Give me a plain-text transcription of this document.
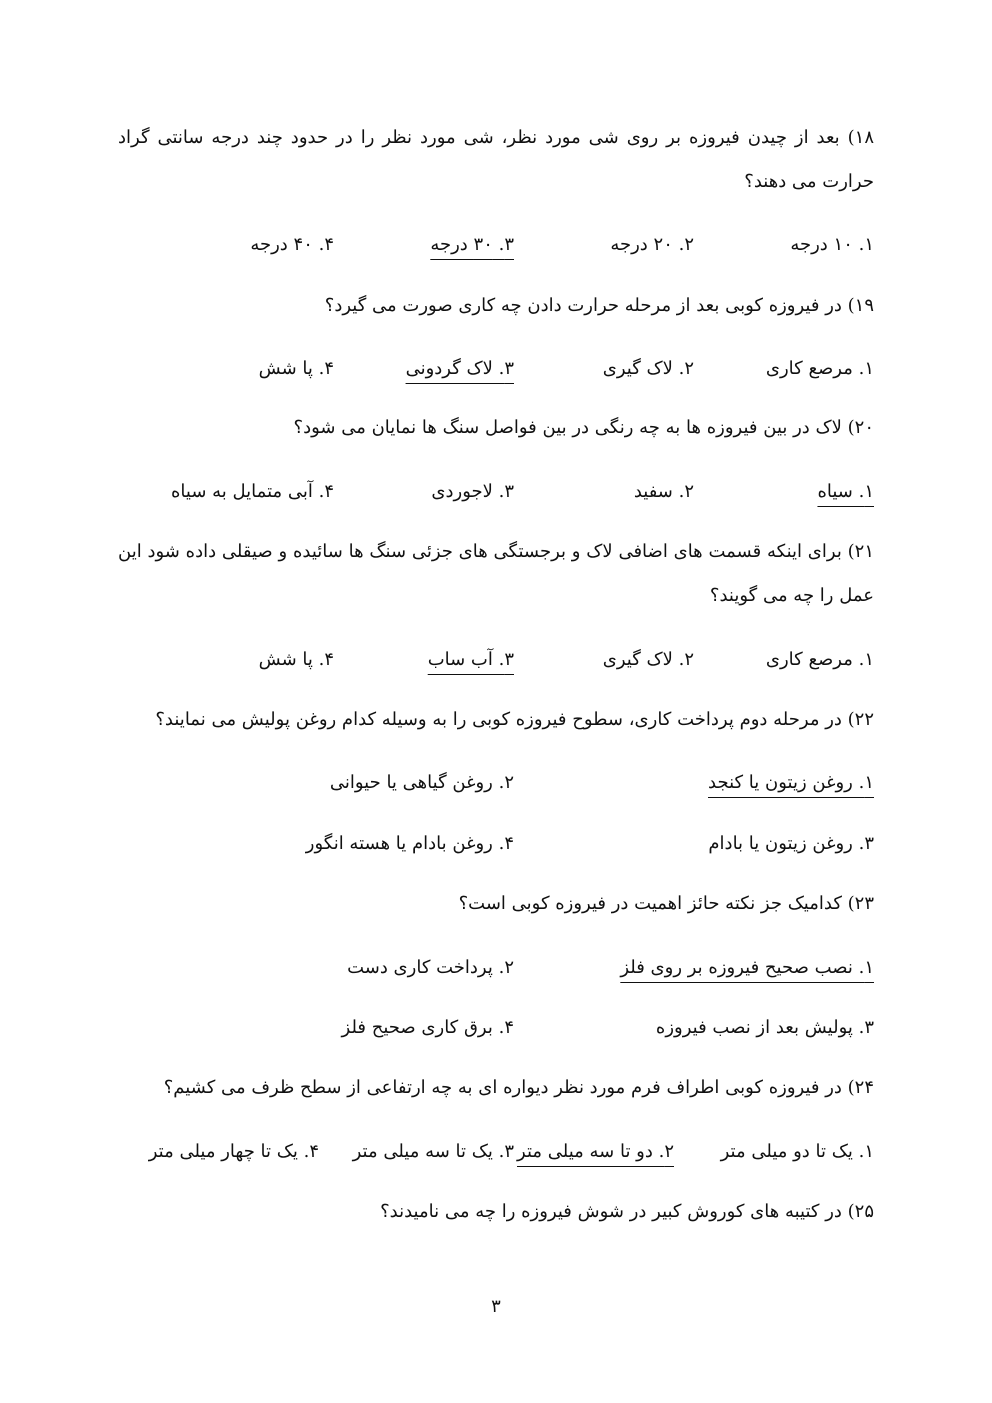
۱۸) بعد از چیدن فیروزه بر روی شی مورد نظر، شی مورد نظر را در حدود چند درجه سانتی گراد حرارت می دهند؟
۱. ۱۰ درجه
۲. ۲۰ درجه
۳. ۳۰ درجه
۴. ۴۰ درجه
۱۹) در فیروزه کوبی بعد از مرحله حرارت دادن چه کاری صورت می گیرد؟
۱. مرصع کاری
۲. لاک گیری
۳. لاک گردونی
۴. پا شش
۲۰) لاک در بین فیروزه ها به چه رنگی در بین فواصل سنگ ها نمایان می شود؟
۱. سیاه
۲. سفید
۳. لاجوردی
۴. آبی متمایل به سیاه
۲۱) برای اینکه قسمت های اضافی لاک و برجستگی های جزئی سنگ ها سائیده و صیقلی داده شود این عمل را چه می گویند؟
۱. مرصع کاری
۲. لاک گیری
۳. آب ساب
۴. پا شش
۲۲) در مرحله دوم پرداخت کاری، سطوح فیروزه کوبی را به وسیله کدام روغن پولیش می نمایند؟
۱. روغن زیتون یا کنجد
۲. روغن گیاهی یا حیوانی
۳. روغن زیتون یا بادام
۴. روغن بادام یا هسته انگور
۲۳) کدامیک جز نکته حائز اهمیت در فیروزه کوبی است؟
۱. نصب صحیح فیروزه بر روی فلز
۲. پرداخت کاری دست
۳. پولیش بعد از نصب فیروزه
۴. برق کاری صحیح فلز
۲۴) در فیروزه کوبی اطراف فرم مورد نظر دیواره ای به چه ارتفاعی از سطح ظرف می کشیم؟
۱. یک تا دو میلی متر
۲. دو تا سه میلی متر
۳. یک تا سه میلی متر
۴. یک تا چهار میلی متر
۲۵) در کتیبه های کوروش کبیر در شوش فیروزه را چه می نامیدند؟
۳
